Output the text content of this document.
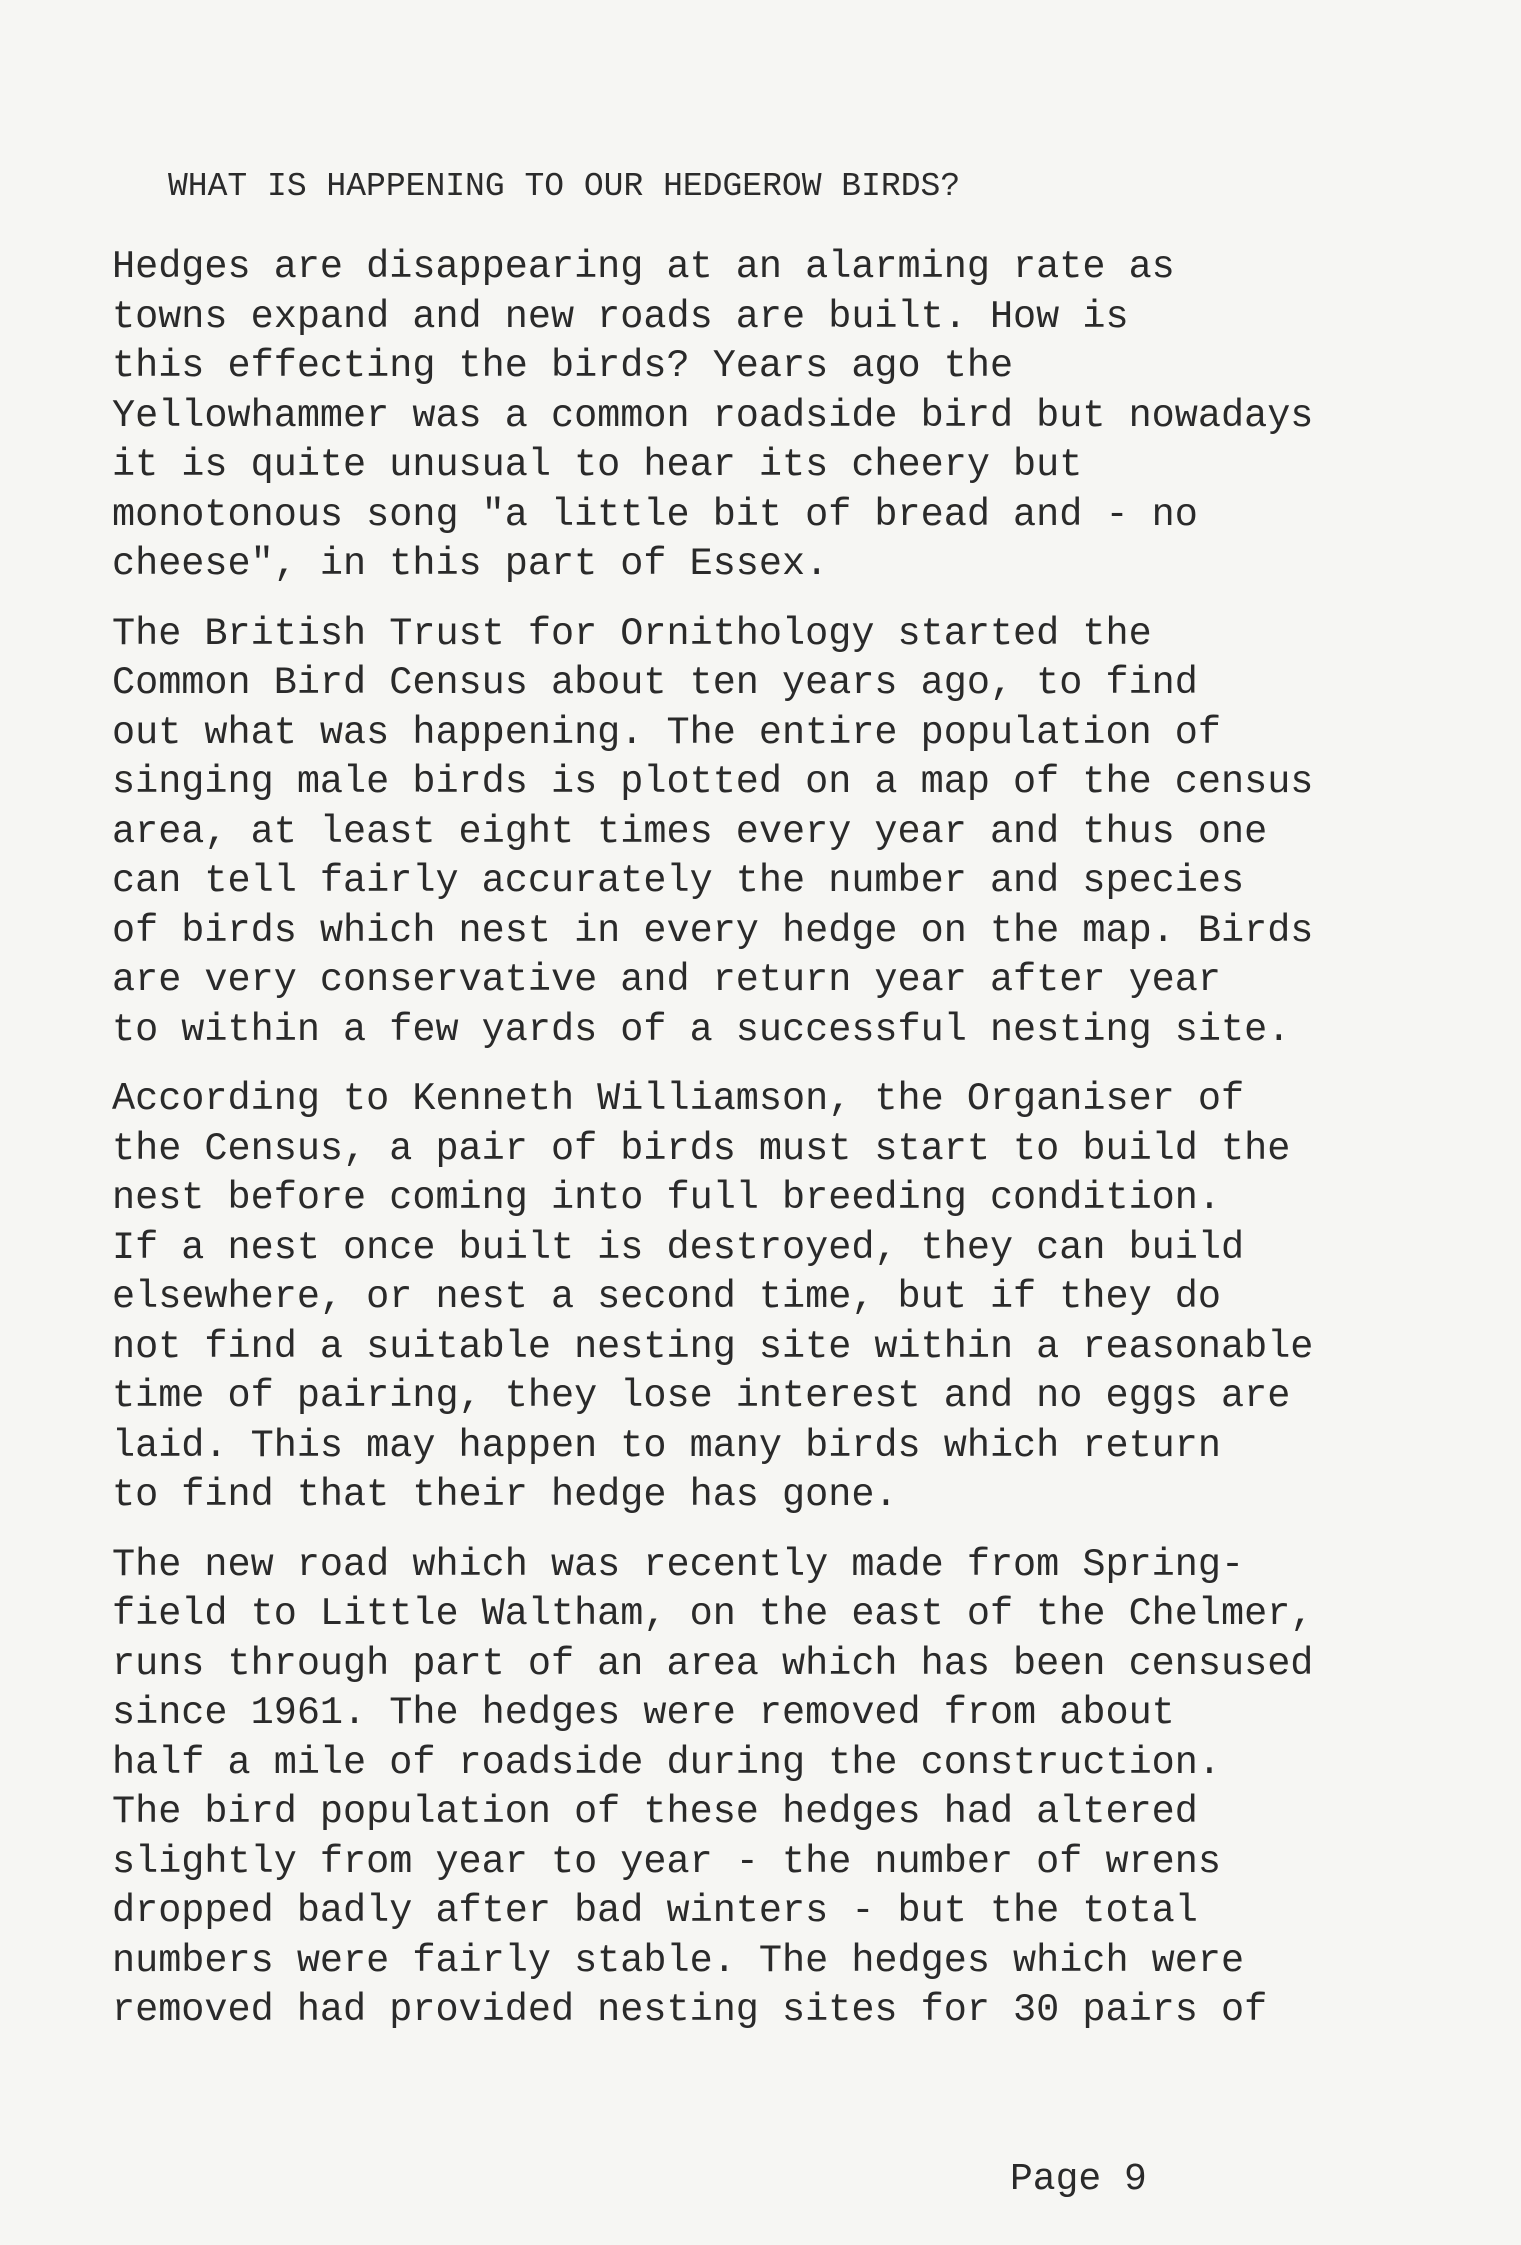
WHAT IS HAPPENING TO OUR HEDGEROW BIRDS?

Hedges are disappearing at an alarming rate as
towns expand and new roads are built. How is
this effecting the birds? Years ago the
Yellowhammer was a common roadside bird but nowadays
it is quite unusual to hear its cheery but
monotonous song "a little bit of bread and - no
cheese", in this part of Essex.

The British Trust for Ornithology started the
Common Bird Census about ten years ago, to find
out what was happening. The entire population of
singing male birds is plotted on a map of the census
area, at least eight times every year and thus one
can tell fairly accurately the number and species
of birds which nest in every hedge on the map. Birds
are very conservative and return year after year
to within a few yards of a successful nesting site.

According to Kenneth Williamson, the Organiser of
the Census, a pair of birds must start to build the
nest before coming into full breeding condition.
If a nest once built is destroyed, they can build
elsewhere, or nest a second time, but if they do
not find a suitable nesting site within a reasonable
time of pairing, they lose interest and no eggs are
laid. This may happen to many birds which return
to find that their hedge has gone.

The new road which was recently made from Spring-
field to Little Waltham, on the east of the Chelmer,
runs through part of an area which has been censused
since 1961. The hedges were removed from about
half a mile of roadside during the construction.
The bird population of these hedges had altered
slightly from year to year - the number of wrens
dropped badly after bad winters - but the total
numbers were fairly stable. The hedges which were
removed had provided nesting sites for 30 pairs of

Page 9
